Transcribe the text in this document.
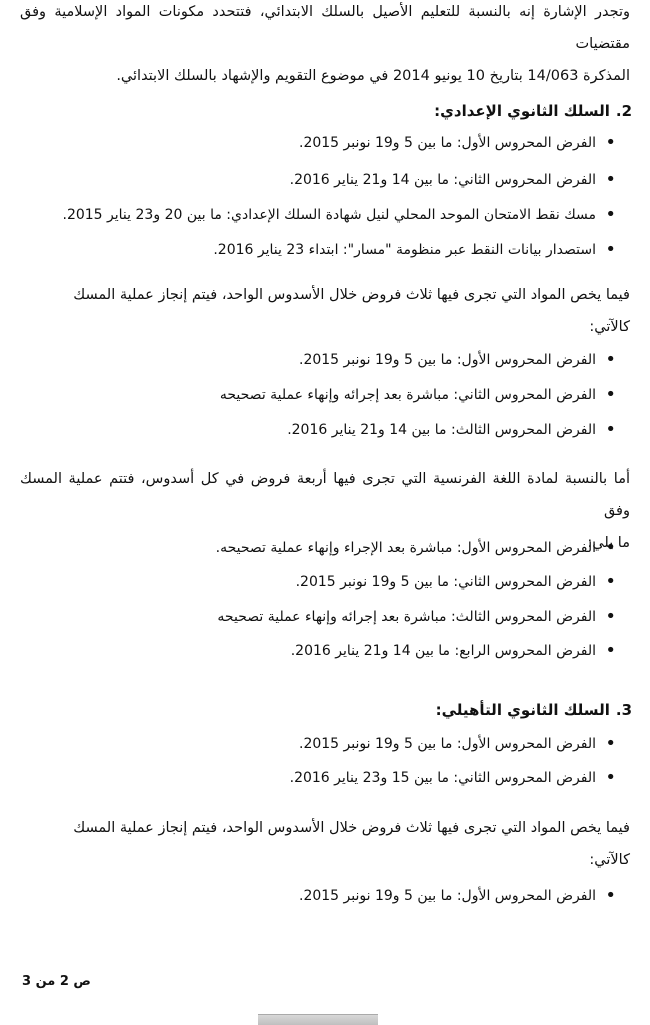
وتجدر الإشارة إنه بالنسبة للتعليم الأصيل بالسلك الابتدائي، فتتحدد مكونات المواد الإسلامية وفق مقتضيات
المذكرة 14/063 بتاريخ 10 يونيو 2014 في موضوع التقويم والإشهاد بالسلك الابتدائي.
2.السلك الثانوي الإعدادي:
• الفرض المحروس الأول: ما بين 5 و19 نونبر 2015.
• الفرض المحروس الثاني: ما بين 14 و21 يناير 2016.
• مسك نقط الامتحان الموحد المحلي لنيل شهادة السلك الإعدادي: ما بين 20 و23 يناير 2015.
• استصدار بيانات النقط عبر منظومة "مسار": ابتداء 23 يناير 2016.
فيما يخص المواد التي تجرى فيها ثلاث فروض خلال الأسدوس الواحد، فيتم إنجاز عملية المسك
كالآتي:
• الفرض المحروس الأول: ما بين 5 و19 نونبر 2015.
• الفرض المحروس الثاني: مباشرة بعد إجرائه وإنهاء عملية تصحيحه
• الفرض المحروس الثالث: ما بين 14 و21 يناير 2016.
أما بالنسبة لمادة اللغة الفرنسية التي تجرى فيها أربعة فروض في كل أسدوس، فتتم عملية المسك وفق
ما يلي:
• الفرض المحروس الأول: مباشرة بعد الإجراء وإنهاء عملية تصحيحه.
• الفرض المحروس الثاني: ما بين 5 و19 نونبر 2015.
• الفرض المحروس الثالث: مباشرة بعد إجرائه وإنهاء عملية تصحيحه
• الفرض المحروس الرابع: ما بين 14 و21 يناير 2016.
3.السلك الثانوي التأهيلي:
• الفرض المحروس الأول: ما بين 5 و19 نونبر 2015.
• الفرض المحروس الثاني: ما بين 15 و23 يناير 2016.
فيما يخص المواد التي تجرى فيها ثلاث فروض خلال الأسدوس الواحد، فيتم إنجاز عملية المسك
كالآتي:
• الفرض المحروس الأول: ما بين 5 و19 نونبر 2015.
ص 2 من 3
